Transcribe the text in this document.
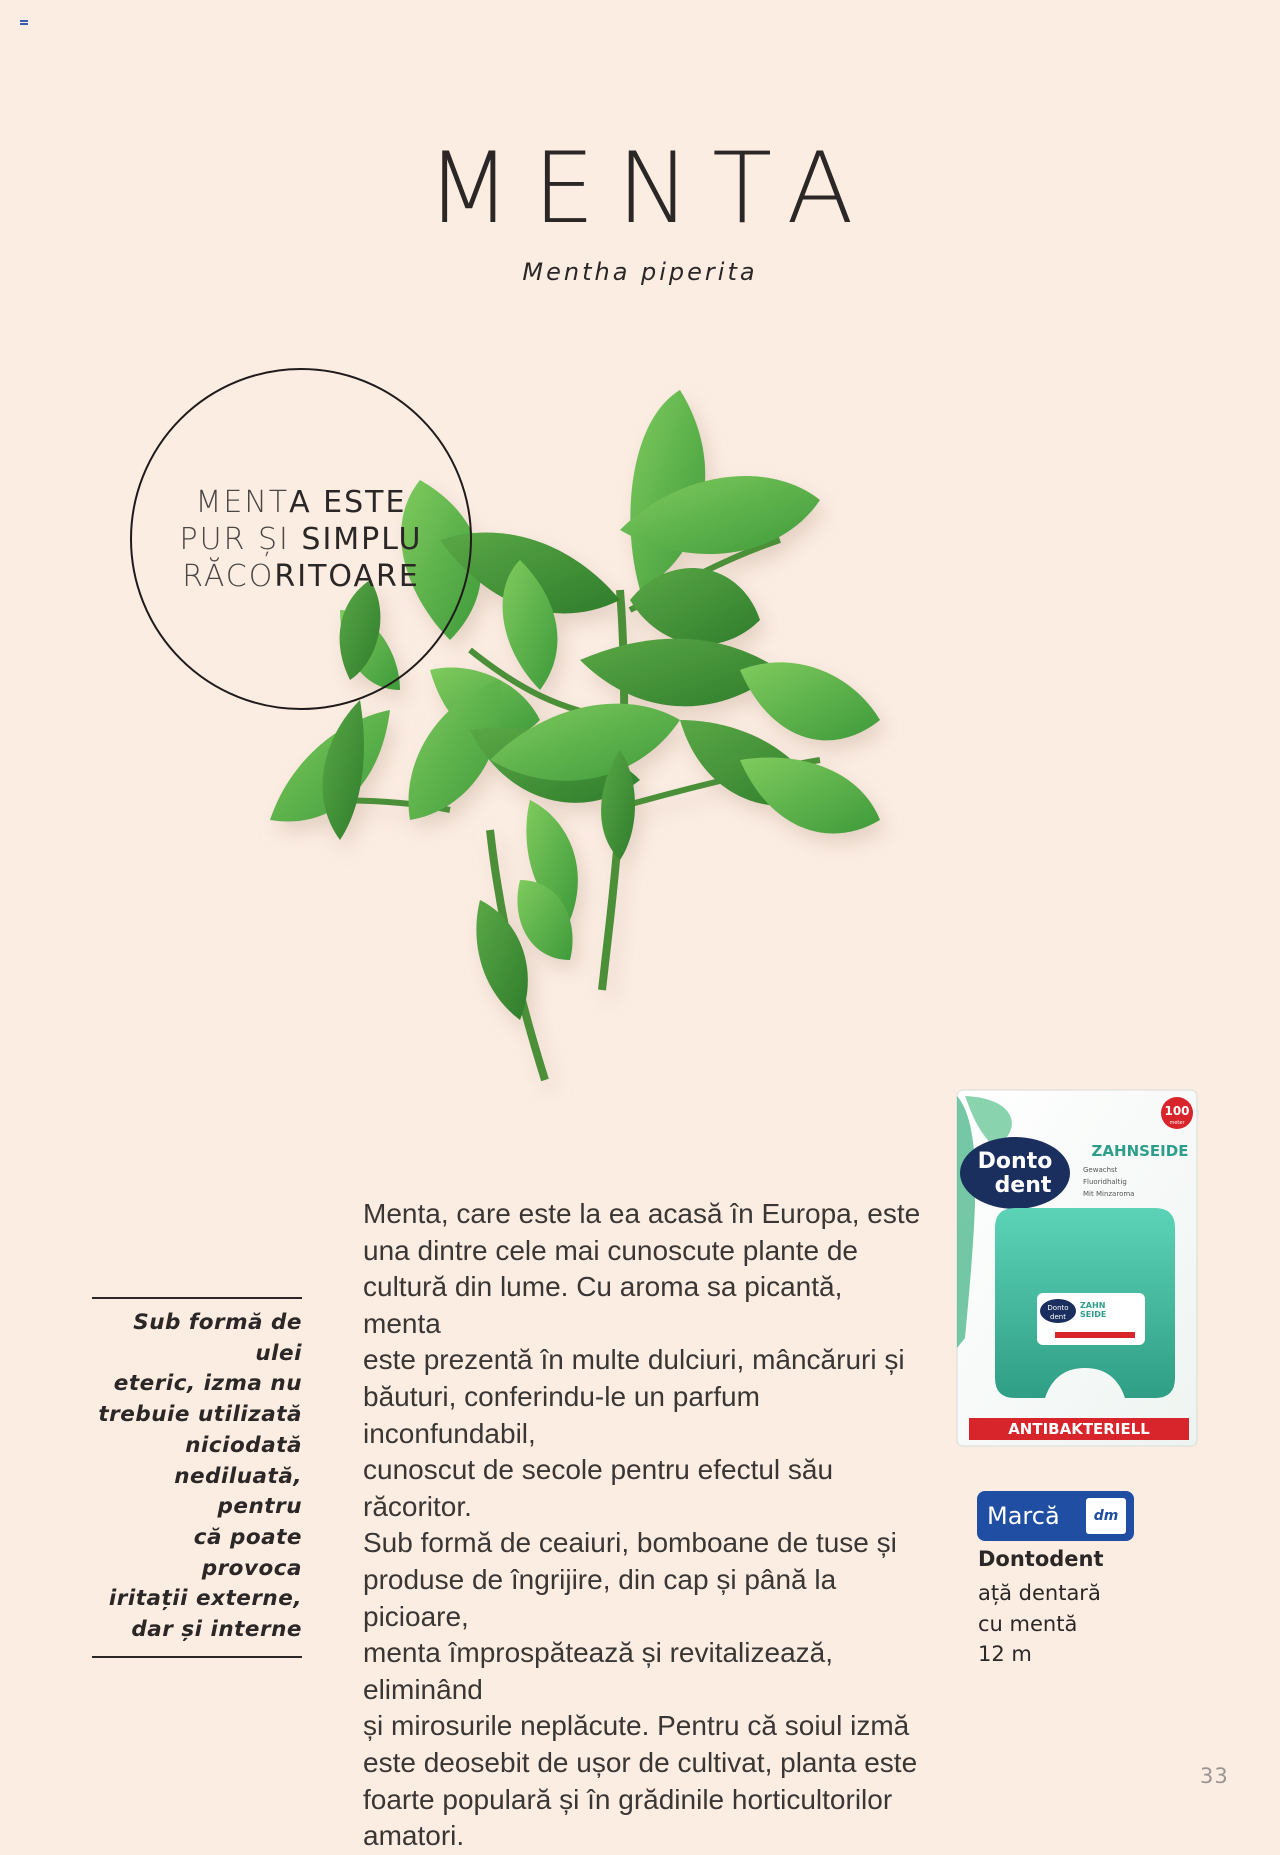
MENTA
Mentha piperita
MENTA ESTE
PUR ȘI SIMPLU
RĂCORITOARE
Sub formă de ulei
eteric, izma nu
trebuie utilizată
niciodată
nediluată, pentru
că poate provoca
iritații externe,
dar și interne
Menta, care este la ea acasă în Europa, este
una dintre cele mai cunoscute plante de
cultură din lume. Cu aroma sa picantă, menta
este prezentă în multe dulciuri, mâncăruri și
băuturi, conferindu-le un parfum inconfundabil,
cunoscut de secole pentru efectul său răcoritor.
Sub formă de ceaiuri, bomboane de tuse și
produse de îngrijire, din cap și până la picioare,
menta împrospătează și revitalizează, eliminând
și mirosurile neplăcute. Pentru că soiul izmă
este deosebit de ușor de cultivat, planta este
foarte populară și în grădinile horticultorilor
amatori.
Donto
dent
ZAHNSEIDE
Gewachst
Fluoridhaltig
Mit Minzaroma
100
meter
Donto
dent
ZAHN
SEIDE
ANTIBAKTERIELL
Marcă	dm
Dontodent
ață dentară
cu mentă
12 m
33
